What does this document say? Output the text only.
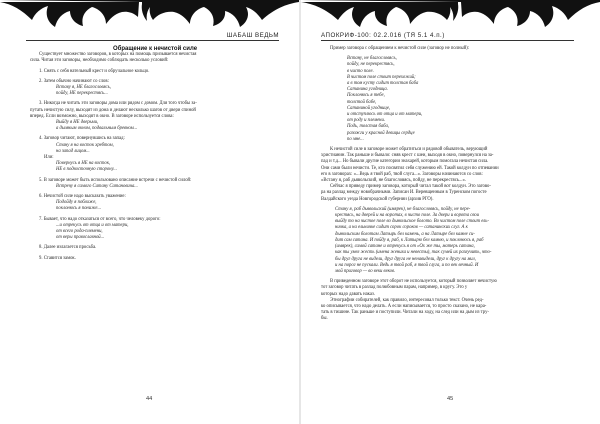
ШАБАШ ВЕДЬМ

Обращение к нечистой силе

Существует множество заговоров, в которых на помощь призывается нечистая

сила. Читая эти заговоры, необходимо соблюдать несколько условий:

1. Снять с себя нательный крест и обручальное кольцо.

2. Затем обычно начинают со слов:

Вставу я, НЕ благословясь,

пойду, НЕ перекрестясь...

3. Никогда не читать эти заговоры дома или рядом с домом. Для того чтобы за-

путать нечистую силу, выходят из дома и делают несколько шагов от двери спиной

вперед. Если возможно, выходят в окно. В заговоре используется слова:

Выйду я НЕ дверьми,

а дымным окном, подвальным бревном...

4. Заговор читают, повернувшись на запад:

Стану я на восток хребтом,

на запад лицом...

Или:

Повернусь я НЕ на восток,

НЕ в подвосточную сторону...

5. В заговоре может быть использовано описание встречи с нечистой силой:

Встречу я самого Сатану Сатановича...

6. Нечистой силе надо высказать уважение:

Подойду я поближе,

поклонюсь я пониже...

7. Бывает, что надо отказаться от всего, что человеку дорого:

...и отрекусь от отца и от матери,

от всего рода-племени,

от веры православной...

8. Далее излагается просьба.

9. Ставится замок.

44
АПОКРИФ-100: 02.2.016 (ТЯ 5.1 4.п.)

Пример заговора с обращением к нечистой силе (заговор не полный):

Встану, не благословясь,

пойду, не перекрестясь,

в чисто поле.

В чистом поле стоит перехожий;

а в том кусту сидит толстая баба

Сатанина угодница.

Поклонюсь я тебе,

толстой бабе,

Сатаниной угоднице,

и отступлюсь от отца и от матери,

от роду и племени.

Подь, толстая баба,

разожги у красной девицы сердце

по мне...

К нечистой силе в заговоре может обратиться и рядовой обыватель, верующий

христианин. Так раньше и бывало: сняв крест с шеи, выходя в окно, повернулся на за-

пад и т.д... Но бывали другие категории знахарей, которым помогала нечистая сила.

Они сами были нечисти. Те, кто посвятил себя служению ей. Такой колдун по отпевании

его в заговорах: «...Ведь я твой раб, твой слуга...». Заговоры начинаются со слов:

«Встану я, раб дьявольский, не благословясь, пойду, не перекрестясь...».

Сейчас я приведу пример заговора, который читал такой вот колдун. Это загово-

ра на разлад между новобрачными. Записан И. Веревщенным в Туренском погосте

Валдайского уезда Новгородской губернии (архив РГО).

Стану я, раб дьявольский (имярек), не благословясь, пойду, не пере-

крестясь, на дверей и на воротах, в чисто поле. За двери и ворота свои

выйду то на чистое поле во дьявольское болото. Во чистом поле стоит ель-

ничка, а на ельничке сидит сорок сороков — сатанинских слуг. А к

дьявольским болотам Латырь бел камень, а на Латыре бел камне си-

дит сам сатана. И пойду я, раб, к Латырю бел камню, и поклонюсь я, раб

(имярек), самой сатане и отрекусь я от «Ох же ты, матерь сатана,

как ты умел жесть (имена жениха и невесты), так сумей их разлучить, что-

бы друг друга не видели, друг друга не ненавидели, друг к другу на мил,

и на порог не пускали. Ведь я твой раб, я твой слуга, и по век вечный. И

мой приговор — во веки веков.

В приведенном заговоре этот оборот не используется, который позволяет нечистую

тот заговор читать в разлад полюбовным парам, например, в кругу. Это у

которых надо давать наказ.

Этнографии собирателей, как правило, интересовал только текст. Очень ред-

ко описывается, что надо делать. А если написывается, то просто сказано, не кара-

тать в тишине. Так раньше и поступили. Читали на ходу, на след или на дым из тру-

бы.

45
